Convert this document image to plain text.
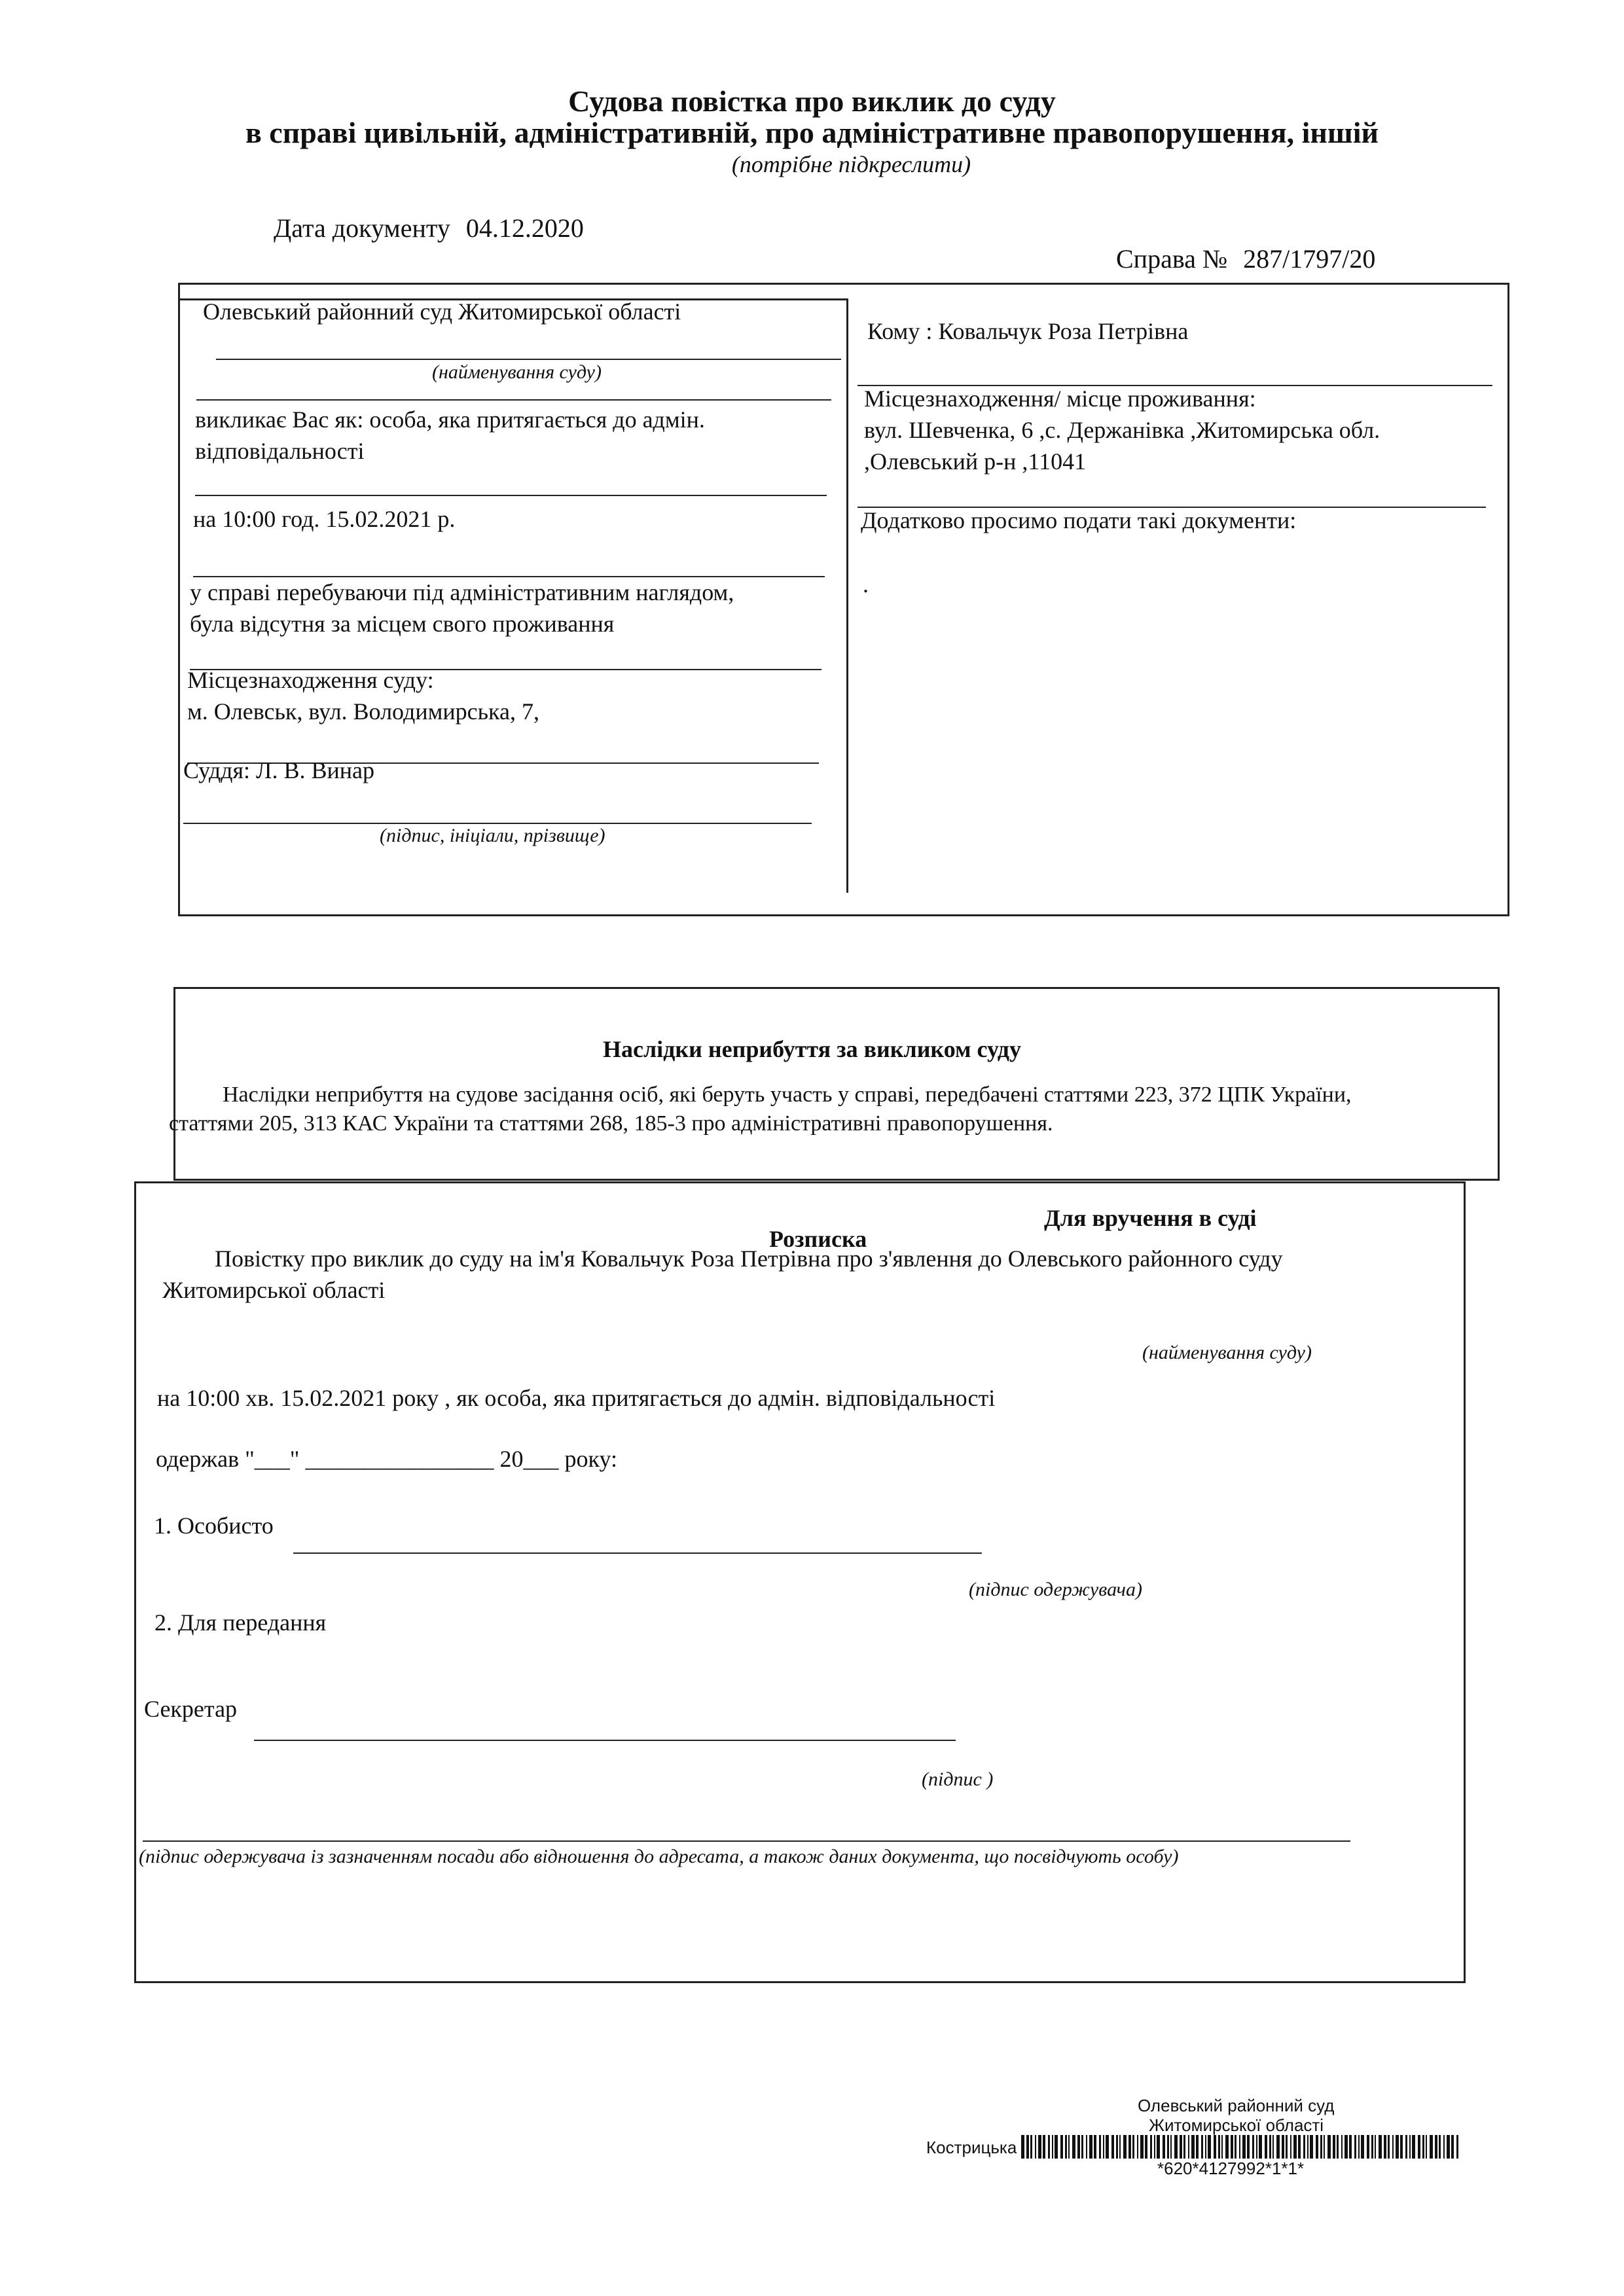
Судова повістка про виклик до суду
в справі цивільній, адміністративній, про адміністративне правопорушення, іншій
(потрібне підкреслити)
Дата документу 04.12.2020
Справа № 287/1797/20
Олевський районний суд Житомирської області
(найменування суду)
викликає Вас як: особа, яка притягається до адмін.
відповідальності
на 10:00 год. 15.02.2021 р.
у справі перебуваючи під адміністративним наглядом,
була відсутня за місцем свого проживання
Місцезнаходження суду:
м. Олевськ, вул. Володимирська, 7,
Суддя: Л. В. Винар
(підпис, ініціали, прізвище)
Кому : Ковальчук Роза Петрівна
Місцезнаходження/ місце проживання:
вул. Шевченка, 6 ,с. Держанівка ,Житомирська обл.
,Олевський р-н ,11041
Додатково просимо подати такі документи:
.
Наслідки неприбуття за викликом суду
Наслідки неприбуття на судове засідання осіб, які беруть участь у справі, передбачені статтями 223, 372 ЦПК України,
статтями 205, 313 КАС України та статтями 268, 185-3 про адміністративні правопорушення.
Для вручення в суді
Розписка
Повістку про виклик до суду на ім'я Ковальчук Роза Петрівна про з'явлення до Олевського районного суду
Житомирської області
(найменування суду)
на 10:00 хв. 15.02.2021 року , як особа, яка притягається до адмін. відповідальності
одержав "___" ________________ 20___ року:
1. Особисто
(підпис одержувача)
2. Для передання
Секретар
(підпис )
(підпис одержувача із зазначенням посади або відношення до адресата, а також даних документа, що посвідчують особу)
Олевський районний суд
Житомирської області
Кострицька
*620*4127992*1*1*
